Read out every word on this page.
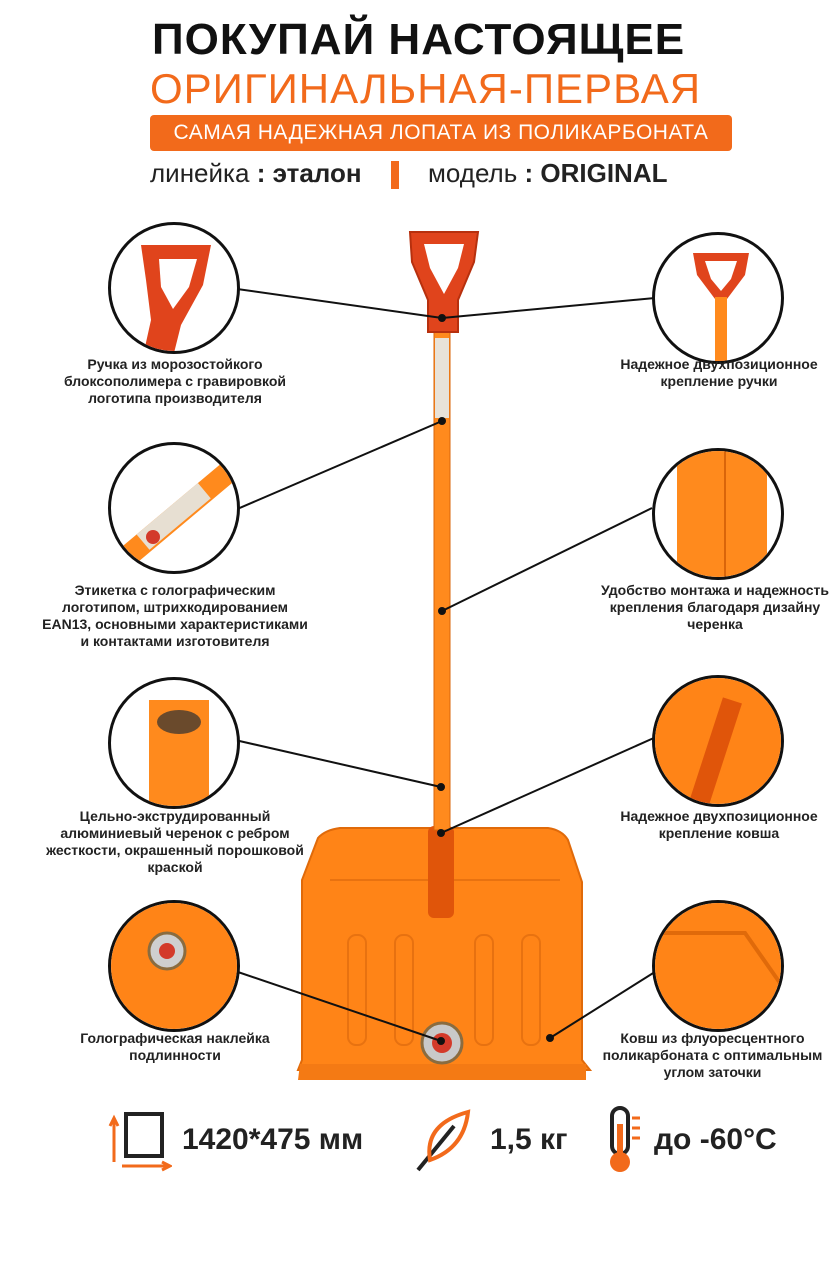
ПОКУПАЙ НАСТОЯЩЕЕ
ОРИГИНАЛЬНАЯ-ПЕРВАЯ
САМАЯ НАДЕЖНАЯ ЛОПАТА ИЗ ПОЛИКАРБОНАТА
линейка : эталон	модель : ORIGINAL
Ручка из морозостойкого блоксополимера с гравировкой логотипа производителя
Этикетка с голографическим логотипом, штрихкодированием EAN13, основными характеристиками и контактами изготовителя
Цельно-экструдированный алюминиевый черенок с ребром жесткости, окрашенный порошковой краской
Голографическая наклейка подлинности
Надежное двухпозиционное крепление ручки
Удобство монтажа и надежность крепления благодаря дизайну черенка
Надежное двухпозиционное крепление ковша
Ковш из флуоресцентного поликарбоната с оптимальным углом заточки
1420*475 мм	1,5 кг	до -60°С
